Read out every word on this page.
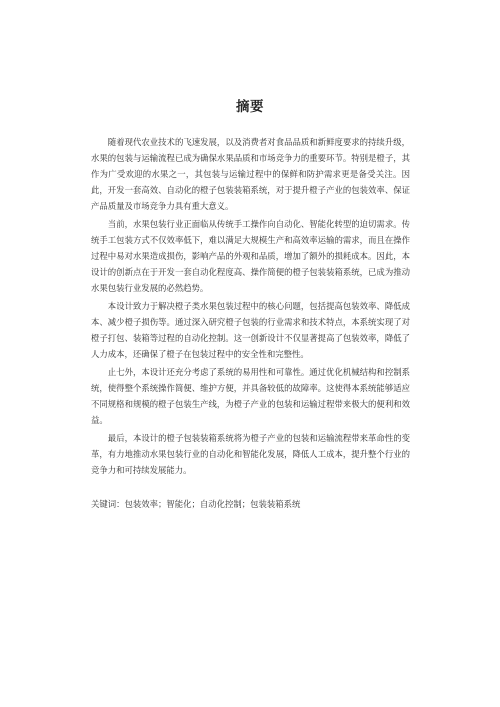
摘要

随着现代农业技术的飞速发展，以及消费者对食品品质和新鲜度要求的持续升级，水果的包装与运输流程已成为确保水果品质和市场竞争力的重要环节。特别是橙子，其作为广受欢迎的水果之一，其包装与运输过程中的保鲜和防护需求更是备受关注。因此，开发一套高效、自动化的橙子包装装箱系统，对于提升橙子产业的包装效率、保证产品质量及市场竞争力具有重大意义。

当前，水果包装行业正面临从传统手工操作向自动化、智能化转型的迫切需求。传统手工包装方式不仅效率低下，难以满足大规模生产和高效率运输的需求，而且在操作过程中易对水果造成损伤，影响产品的外观和品质，增加了额外的损耗成本。因此，本设计的创新点在于开发一套自动化程度高、操作简便的橙子包装装箱系统，已成为推动水果包装行业发展的必然趋势。

本设计致力于解决橙子类水果包装过程中的核心问题，包括提高包装效率、降低成本、减少橙子损伤等。通过深入研究橙子包装的行业需求和技术特点，本系统实现了对橙子打包、装箱等过程的自动化控制。这一创新设计不仅显著提高了包装效率，降低了人力成本，还确保了橙子在包装过程中的安全性和完整性。

止七外，本设计还充分考虑了系统的易用性和可靠性。通过优化机械结构和控制系统，使得整个系统操作简便、维护方便，并具备较低的故障率。这使得本系统能够适应不同规格和规模的橙子包装生产线，为橙子产业的包装和运输过程带来极大的便利和效益。

最后，本设计的橙子包装装箱系统将为橙子产业的包装和运输流程带来革命性的变革，有力地推动水果包装行业的自动化和智能化发展，降低人工成本，提升整个行业的竞争力和可持续发展能力。

关键词：包装效率；智能化；自动化控制；包装装箱系统
